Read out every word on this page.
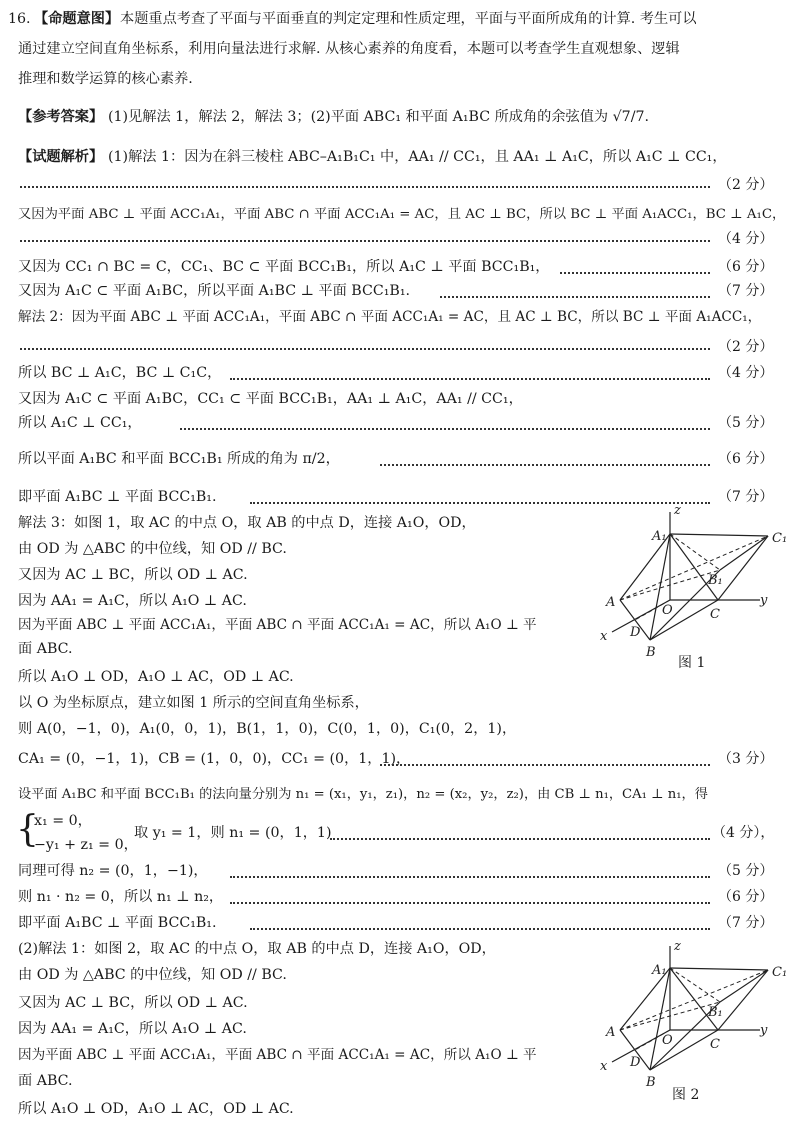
16. 【命题意图】 本题重点考查了平面与平面垂直的判定定理和性质定理，平面与平面所成角的计算. 考生可以
通过建立空间直角坐标系，利用向量法进行求解. 从核心素养的角度看，本题可以考查学生直观想象、逻辑
推理和数学运算的核心素养.
【参考答案】 (1)见解法 1，解法 2，解法 3；(2)平面 ABC₁ 和平面 A₁BC 所成角的余弦值为 √7/7.
【试题解析】 (1)解法 1：因为在斜三棱柱 ABC–A₁B₁C₁ 中，AA₁ // CC₁，且 AA₁ ⊥ A₁C，所以 A₁C ⊥ CC₁，
（2 分）
又因为平面 ABC ⊥ 平面 ACC₁A₁，平面 ABC ∩ 平面 ACC₁A₁ = AC，且 AC ⊥ BC，所以 BC ⊥ 平面 A₁ACC₁，BC ⊥ A₁C，
（4 分）
又因为 CC₁ ∩ BC = C，CC₁、BC ⊂ 平面 BCC₁B₁，所以 A₁C ⊥ 平面 BCC₁B₁，	（6 分）
又因为 A₁C ⊂ 平面 A₁BC，所以平面 A₁BC ⊥ 平面 BCC₁B₁.	（7 分）
解法 2：因为平面 ABC ⊥ 平面 ACC₁A₁，平面 ABC ∩ 平面 ACC₁A₁ = AC，且 AC ⊥ BC，所以 BC ⊥ 平面 A₁ACC₁，
（2 分）
所以 BC ⊥ A₁C，BC ⊥ C₁C，	（4 分）
又因为 A₁C ⊂ 平面 A₁BC，CC₁ ⊂ 平面 BCC₁B₁，AA₁ ⊥ A₁C，AA₁ // CC₁，
所以 A₁C ⊥ CC₁，	（5 分）
所以平面 A₁BC 和平面 BCC₁B₁ 所成的角为 π/2，	（6 分）
即平面 A₁BC ⊥ 平面 BCC₁B₁.	（7 分）
解法 3：如图 1，取 AC 的中点 O，取 AB 的中点 D，连接 A₁O，OD，
由 OD 为 △ABC 的中位线，知 OD // BC.
又因为 AC ⊥ BC，所以 OD ⊥ AC.
因为 AA₁ = A₁C，所以 A₁O ⊥ AC.
因为平面 ABC ⊥ 平面 ACC₁A₁，平面 ABC ∩ 平面 ACC₁A₁ = AC，所以 A₁O ⊥ 平
面 ABC.
所以 A₁O ⊥ OD，A₁O ⊥ AC，OD ⊥ AC.
以 O 为坐标原点，建立如图 1 所示的空间直角坐标系，
则 A(0，−1，0)，A₁(0，0，1)，B(1，1，0)，C(0，1，0)，C₁(0，2，1)，
CA₁ = (0，−1，1)，CB = (1，0，0)，CC₁ = (0，1，1)，	（3 分）
设平面 A₁BC 和平面 BCC₁B₁ 的法向量分别为 n₁ = (x₁，y₁，z₁)，n₂ = (x₂，y₂，z₂)，由 CB ⊥ n₁，CA₁ ⊥ n₁，得
{
x₁ = 0，
−y₁ + z₁ = 0，
取 y₁ = 1，则 n₁ = (0，1，1)	（4 分），
同理可得 n₂ = (0，1，−1)，	（5 分）
则 n₁ · n₂ = 0，所以 n₁ ⊥ n₂，	（6 分）
即平面 A₁BC ⊥ 平面 BCC₁B₁.	（7 分）
(2)解法 1：如图 2，取 AC 的中点 O，取 AB 的中点 D，连接 A₁O，OD，
由 OD 为 △ABC 的中位线，知 OD // BC.
又因为 AC ⊥ BC，所以 OD ⊥ AC.
因为 AA₁ = A₁C，所以 A₁O ⊥ AC.
因为平面 ABC ⊥ 平面 ACC₁A₁，平面 ABC ∩ 平面 ACC₁A₁ = AC，所以 A₁O ⊥ 平
面 ABC.
所以 A₁O ⊥ OD，A₁O ⊥ AC，OD ⊥ AC.
z
y
x
A₁	C₁
B₁
A
O	C
D
B
图 1
z
y
x
A₁	C₁
B₁
A
O	C
D
B
图 2
